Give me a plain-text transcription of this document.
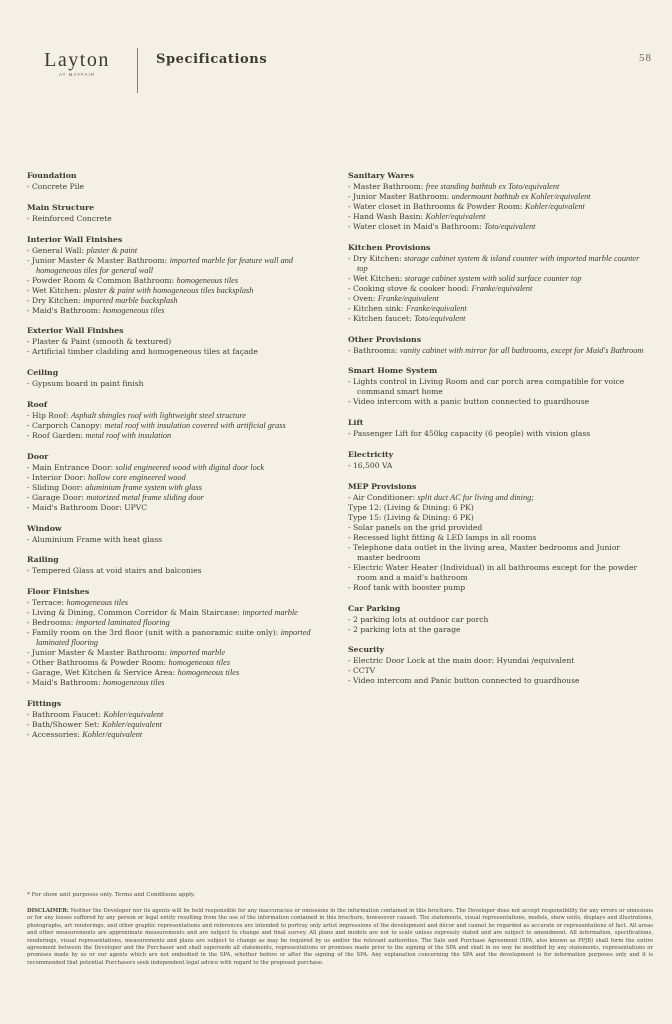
Layton
AT MAYFAIR
Specifications	58
Foundation
- Concrete Pile
Main Structure
- Reinforced Concrete
Interior Wall Finishes
- General Wall: plaster & paint
- Junior Master & Master Bathroom: imported marble for feature wall and homogeneous tiles for general wall
- Powder Room & Common Bathroom: homogeneous tiles
- Wet Kitchen: plaster & paint with homogeneous tiles backsplash
- Dry Kitchen: imported marble backsplash
- Maid's Bathroom: homogeneous tiles
Exterior Wall Finishes
- Plaster & Paint (smooth & textured)
- Artificial timber cladding and homogeneous tiles at façade
Ceiling
- Gypsum board in paint finish
Roof
- Hip Roof: Asphalt shingles roof with lightweight steel structure
- Carporch Canopy: metal roof with insulation covered with artificial grass
- Roof Garden: metal roof with insulation
Door
- Main Entrance Door: solid engineered wood with digital door lock
- Interior Door: hollow core engineered wood
- Sliding Door: aluminium frame system with glass
- Garage Door: motorized metal frame sliding door
- Maid's Bathroom Door: UPVC
Window
- Aluminium Frame with heat glass
Railing
- Tempered Glass at void stairs and balconies
Floor Finishes
- Terrace: homogeneous tiles
- Living & Dining, Common Corridor & Main Staircase: imported marble
- Bedrooms: imported laminated flooring
- Family room on the 3rd floor (unit with a panoramic suite only): imported laminated flooring
- Junior Master & Master Bathroom: imported marble
- Other Bathrooms & Powder Room: homogeneous tiles
- Garage, Wet Kitchen & Service Area: homogeneous tiles
- Maid's Bathroom: homogeneous tiles
Fittings
- Bathroom Faucet: Kohler/equivalent
- Bath/Shower Set: Kohler/equivalent
- Accessories: Kohler/equivalent
Sanitary Wares
- Master Bathroom: free standing bathtub ex Toto/equivalent
- Junior Master Bathroom: undermount bathtub ex Kohler/equivalent
- Water closet in Bathrooms & Powder Room: Kohler/equivalent
- Hand Wash Basin: Kohler/equivalent
- Water closet in Maid's Bathroom: Toto/equivalent
Kitchen Provisions
- Dry Kitchen: storage cabinet system & island counter with imported marble counter top
- Wet Kitchen: storage cabinet system with solid surface counter top
- Cooking stove & cooker hood: Franke/equivalent
- Oven: Franke/equivalent
- Kitchen sink: Franke/equivalent
- Kitchen faucet: Toto/equivalent
Other Provisions
- Bathrooms: vanity cabinet with mirror for all bathrooms, except for Maid's Bathroom
Smart Home System
- Lights control in Living Room and car porch area compatible for voice command smart home
- Video intercom with a panic button connected to guardhouse
Lift
- Passenger Lift for 450kg capacity (6 people) with vision glass
Electricity
- 16,500 VA
MEP Provisions
- Air Conditioner: split duct AC for living and dining;
Type 12: (Living & Dining: 6 PK)
Type 15: (Living & Dining: 6 PK)
- Solar panels on the grid provided
- Recessed light fitting & LED lamps in all rooms
- Telephone data outlet in the living area, Master bedrooms and Junior master bedroom
- Electric Water Heater (Individual) in all bathrooms except for the powder room and a maid's bathroom
- Roof tank with booster pump
Car Parking
- 2 parking lots at outdoor car porch
- 2 parking lots at the garage
Security
- Electric Door Lock at the main door: Hyundai /equivalent
- CCTV
- Video intercom and Panic button connected to guardhouse
* For show unit purposes only. Terms and Conditions apply.
DISCLAIMER: Neither the Developer nor its agents will be held responsible for any inaccuracies or omissions in the information contained in this brochure. The Developer does not accept responsibility for any errors or omissions or for any losses suffered by any person or legal entity resulting from the use of the information contained in this brochure, howsoever caused. The statements, visual representations, models, show units, displays and illustrations, photographs, art renderings, and other graphic representations and references are intended to portray only artist impressions of the development and décor and cannot be regarded as accurate or representations of fact. All areas and other measurements are approximate measurements and are subject to change and final survey. All plans and models are not to scale unless expressly stated and are subject to amendment. All information, specifications, renderings, visual representations, measurements and plans are subject to change as may be required by us and/or the relevant authorities. The Sale and Purchase Agreement (SPA, also known as PPJB) shall form the entire agreement between the Developer and the Purchaser and shall supersede all statements, representations or promises made prior to the signing of the SPA and shall in no way be modified by any statements, representations or promises made by us or our agents which are not embodied in the SPA, whether before or after the signing of the SPA. Any explanation concerning the SPA and the development is for information purposes only and it is recommended that potential Purchasers seek independent legal advice with regard to the proposed purchase.
